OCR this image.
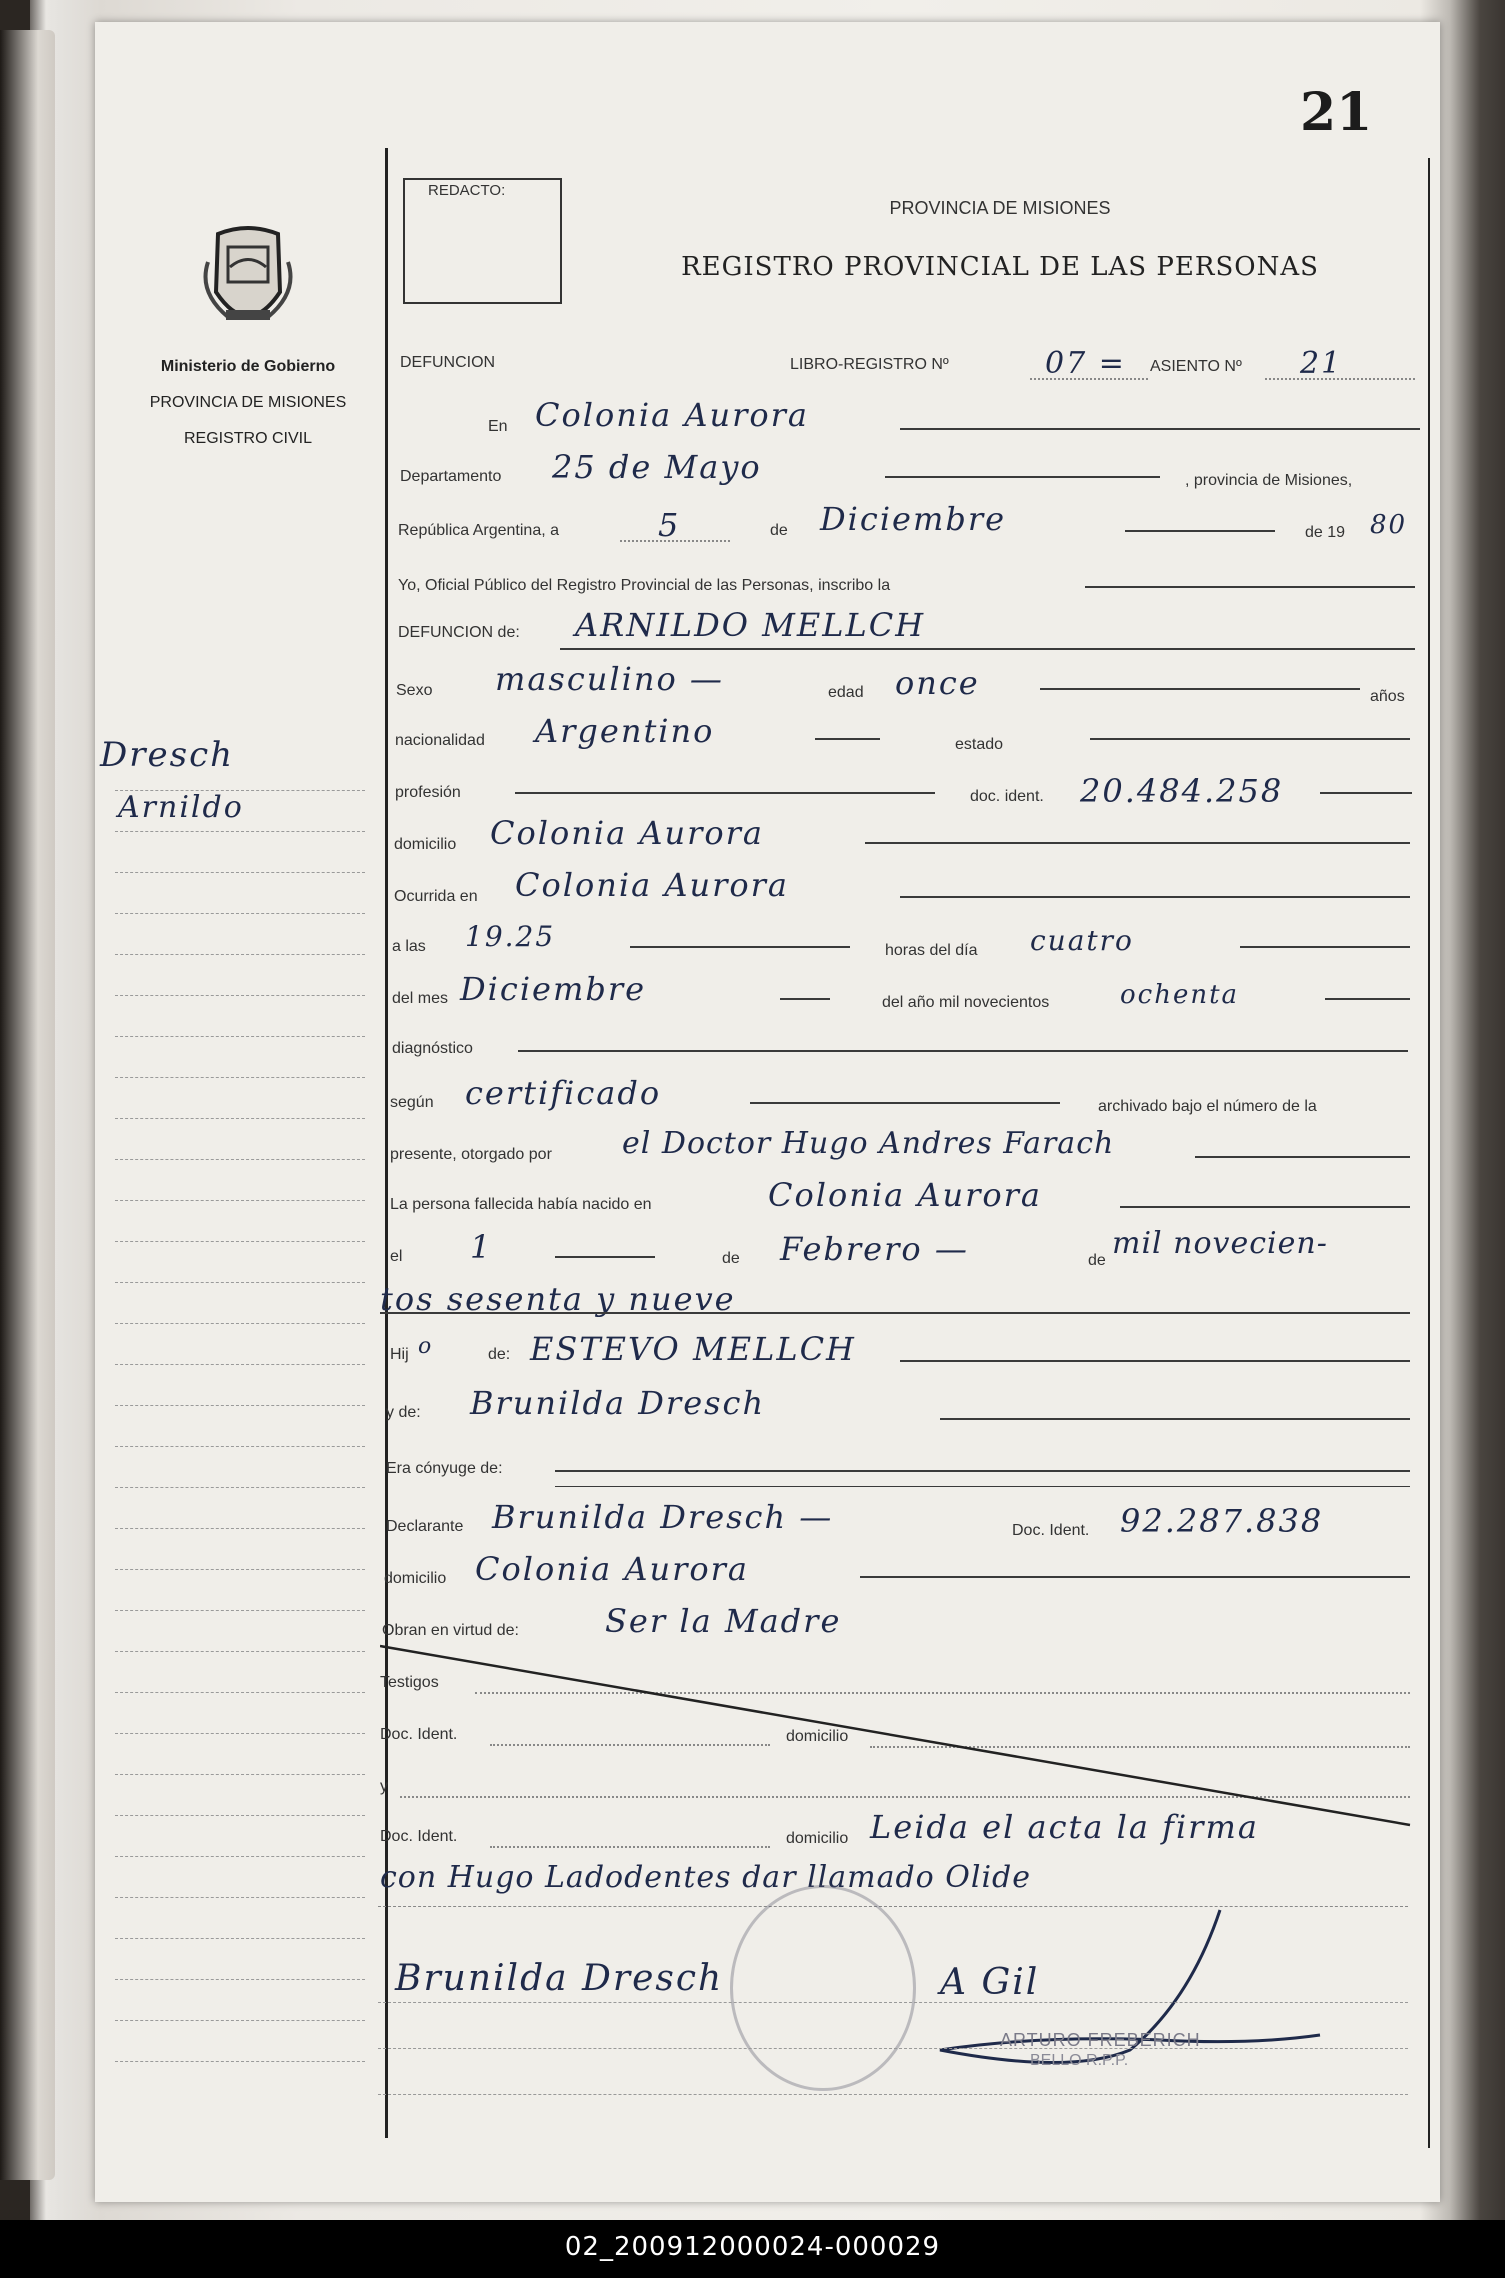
21
Ministerio de Gobierno
PROVINCIA DE MISIONES
REGISTRO CIVIL
Dresch
Arnildo
REDACTO:
PROVINCIA DE MISIONES
REGISTRO PROVINCIAL DE LAS PERSONAS
DEFUNCION	LIBRO-REGISTRO Nº	07 = ASIENTO Nº 21
En Colonia Aurora
Departamento 25 de Mayo	, provincia de Misiones,
República Argentina, a	5	de Diciembre	de 19 80
Yo, Oficial Público del Registro Provincial de las Personas, inscribo la
DEFUNCION de: ARNILDO MELLCH
Sexo masculino —	edad once	años
nacionalidad Argentino	estado
profesión	doc. ident. 20.484.258
domicilio Colonia Aurora
Ocurrida en Colonia Aurora
a las 19.25	horas del día cuatro
del mes Diciembre	del año mil novecientos	ochenta
diagnóstico
según certificado	archivado bajo el número de la
presente, otorgado por el Doctor Hugo Andres Farach
La persona fallecida había nacido en	Colonia Aurora
el 1	de Febrero —	de mil novecien-
tos sesenta y nueve
Hij o	de: ESTEVO MELLCH
y de: Brunilda Dresch
Era cónyuge de:
Declarante Brunilda Dresch —	Doc. Ident. 92.287.838
domicilio Colonia Aurora
Obran en virtud de:	Ser la Madre
Testigos
Doc. Ident.	domicilio
y
Doc. Ident.	domicilio Leida el acta la firma
con Hugo Ladodentes dar llamado Olide
Brunilda Dresch	A Gil
ARTURO FREBERICH
BELLO R.P.P.
02_200912000024-000029
